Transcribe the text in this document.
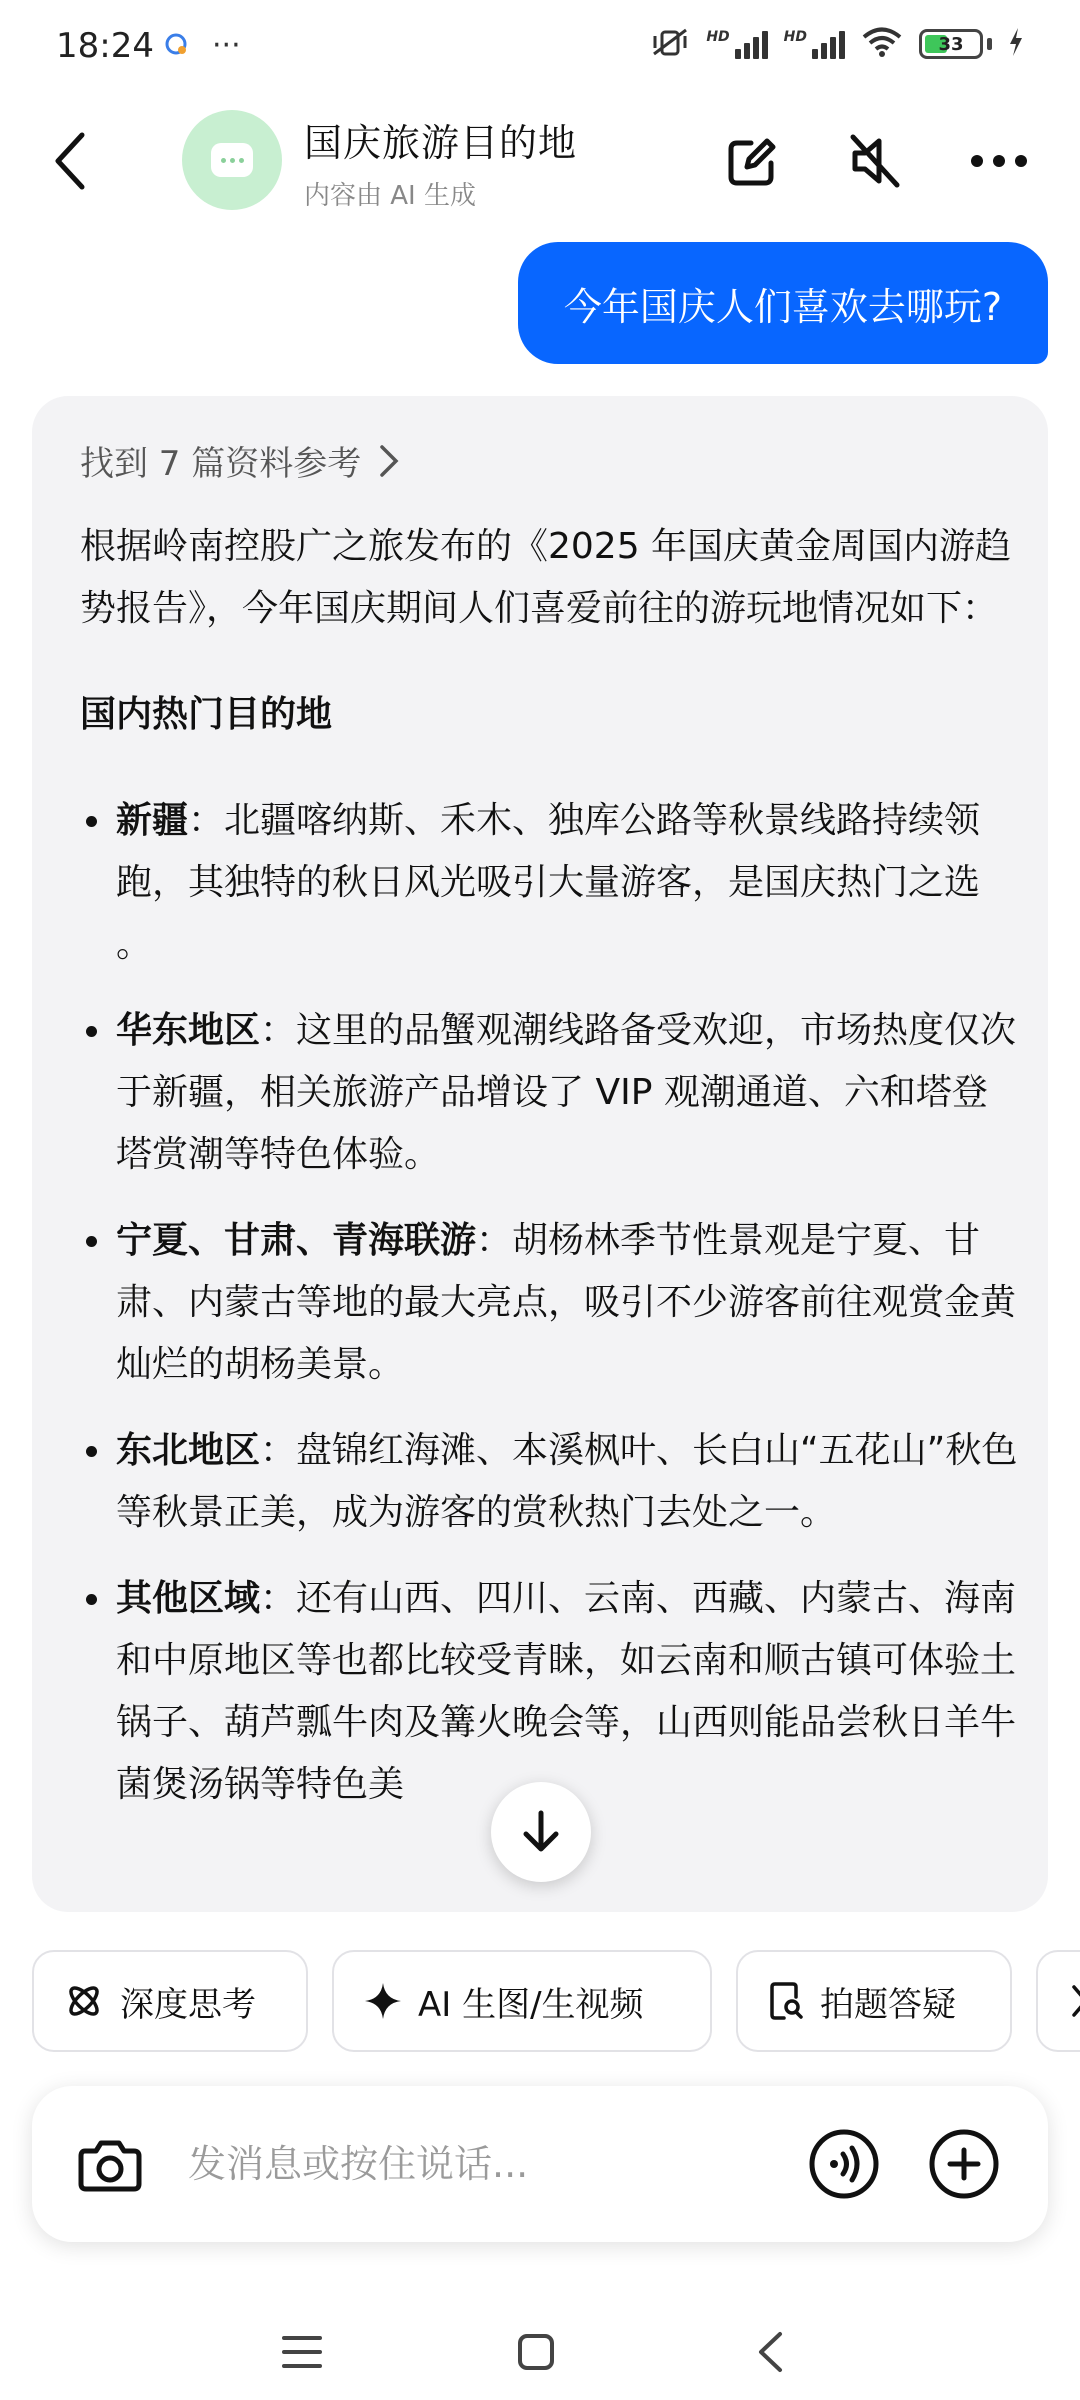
18:24 ···	HD	HD	33
国庆旅游目的地
内容由 AI 生成
今年国庆人们喜欢去哪玩?
找到 7 篇资料参考

根据岭南控股广之旅发布的《2025 年国庆黄金周国内游趋势报告》，今年国庆期间人们喜爱前往的游玩地情况如下：

国内热门目的地

新疆：北疆喀纳斯、禾木、独库公路等秋景线路持续领跑，其独特的秋日风光吸引大量游客，是国庆热门之选 。
华东地区：这里的品蟹观潮线路备受欢迎，市场热度仅次于新疆，相关旅游产品增设了 VIP 观潮通道、六和塔登塔赏潮等特色体验。
宁夏、甘肃、青海联游：胡杨林季节性景观是宁夏、甘肃、内蒙古等地的最大亮点，吸引不少游客前往观赏金黄灿烂的胡杨美景。
东北地区：盘锦红海滩、本溪枫叶、长白山“五花山”秋色等秋景正美，成为游客的赏秋热门去处之一。
其他区域：还有山西、四川、云南、西藏、内蒙古、海南和中原地区等也都比较受青睐，如云南和顺古镇可体验土锅子、葫芦瓢牛肉及篝火晚会等，山西则能品尝秋日羊牛菌煲汤锅等特色美
深度思考	AI 生图/生视频	拍题答疑
发消息或按住说话...
